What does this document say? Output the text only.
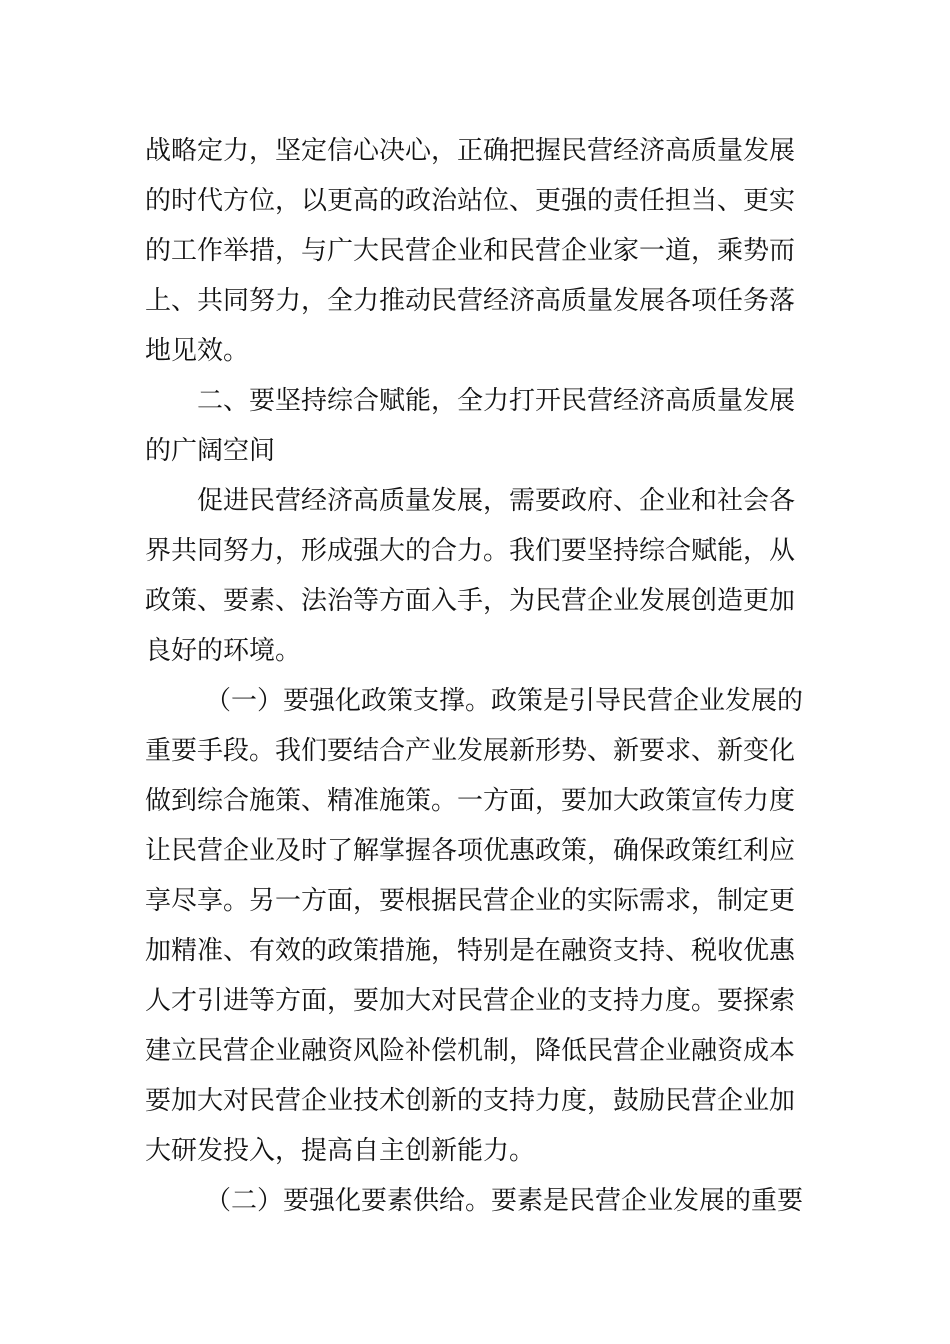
战略定力，坚定信心决心，正确把握民营经济高质量发展
的时代方位，以更高的政治站位、更强的责任担当、更实
的工作举措，与广大民营企业和民营企业家一道，乘势而
上、共同努力，全力推动民营经济高质量发展各项任务落
地见效。
二、要坚持综合赋能，全力打开民营经济高质量发展
的广阔空间
促进民营经济高质量发展，需要政府、企业和社会各
界共同努力，形成强大的合力。我们要坚持综合赋能，从
政策、要素、法治等方面入手，为民营企业发展创造更加
良好的环境。
（一）要强化政策支撑。政策是引导民营企业发展的
重要手段。我们要结合产业发展新形势、新要求、新变化
做到综合施策、精准施策。一方面，要加大政策宣传力度
让民营企业及时了解掌握各项优惠政策，确保政策红利应
享尽享。另一方面，要根据民营企业的实际需求，制定更
加精准、有效的政策措施，特别是在融资支持、税收优惠
人才引进等方面，要加大对民营企业的支持力度。要探索
建立民营企业融资风险补偿机制，降低民营企业融资成本
要加大对民营企业技术创新的支持力度，鼓励民营企业加
大研发投入，提高自主创新能力。
（二）要强化要素供给。要素是民营企业发展的重要
